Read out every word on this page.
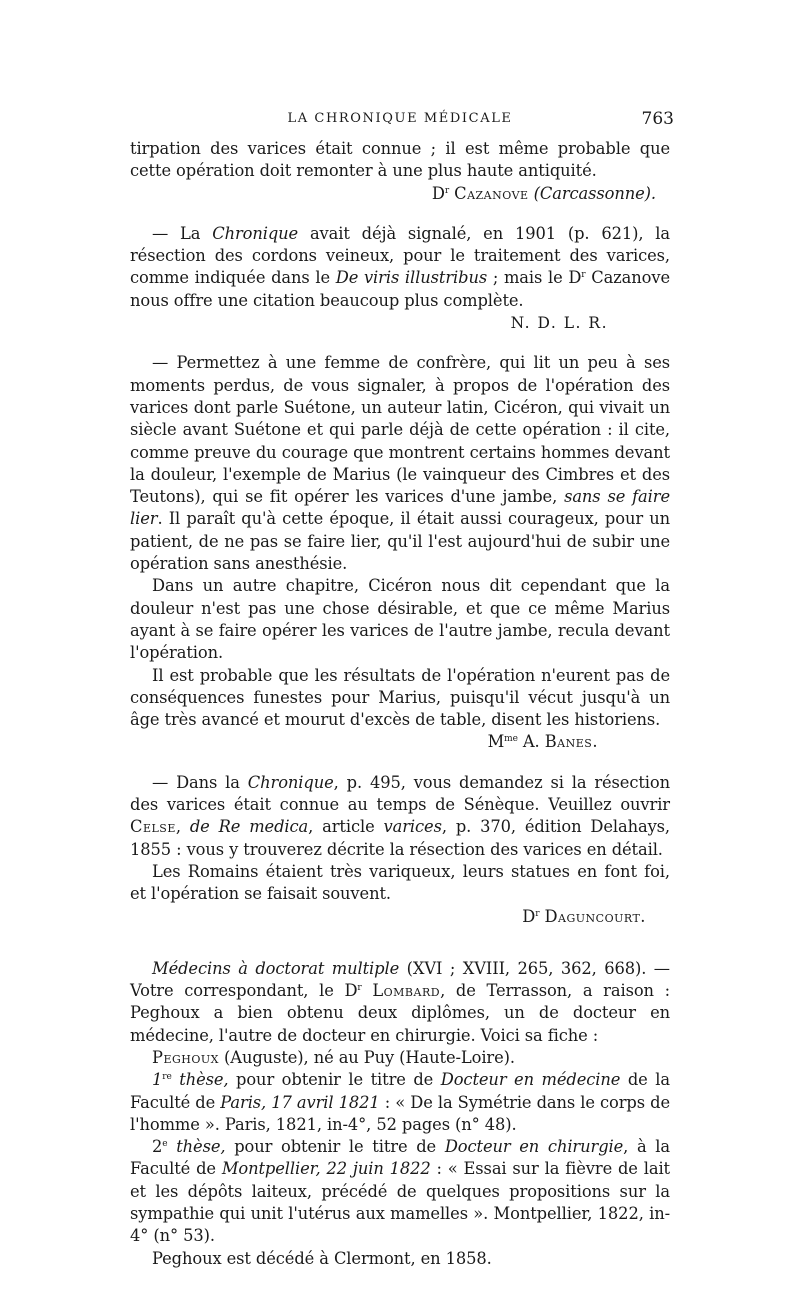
LA CHRONIQUE MÉDICALE	763

tirpation des varices était connue ; il est même probable que cette opération doit remonter à une plus haute antiquité.

$D^r$ Cazanove (Carcassonne).

— La Chronique avait déjà signalé, en 1901 (p. 621), la résection des cordons veineux, pour le traitement des varices, comme indiquée dans le De viris illustribus ; mais le $D^r$ Cazanove nous offre une citation beaucoup plus complète.

N. D. L. R.

— Permettez à une femme de confrère, qui lit un peu à ses moments perdus, de vous signaler, à propos de l'opération des varices dont parle Suétone, un auteur latin, Cicéron, qui vivait un siècle avant Suétone et qui parle déjà de cette opération : il cite, comme preuve du courage que montrent certains hommes devant la douleur, l'exemple de Marius (le vainqueur des Cimbres et des Teutons), qui se fit opérer les varices d'une jambe, sans se faire lier. Il paraît qu'à cette époque, il était aussi courageux, pour un patient, de ne pas se faire lier, qu'il l'est aujourd'hui de subir une opération sans anesthésie.

Dans un autre chapitre, Cicéron nous dit cependant que la douleur n'est pas une chose désirable, et que ce même Marius ayant à se faire opérer les varices de l'autre jambe, recula devant l'opération.

Il est probable que les résultats de l'opération n'eurent pas de conséquences funestes pour Marius, puisqu'il vécut jusqu'à un âge très avancé et mourut d'excès de table, disent les historiens.

$M^{me}$ A. Banes.

— Dans la Chronique, p. 495, vous demandez si la résection des varices était connue au temps de Sénèque. Veuillez ouvrir Celse, de Re medica, article varices, p. 370, édition Delahays, 1855 : vous y trouverez décrite la résection des varices en détail.

Les Romains étaient très variqueux, leurs statues en font foi, et l'opération se faisait souvent.

$D^r$ Daguncourt.

Médecins à doctorat multiple (XVI ; XVIII, 265, 362, 668). — Votre correspondant, le $D^r$ Lombard, de Terrasson, a raison : Peghoux a bien obtenu deux diplômes, un de docteur en médecine, l'autre de docteur en chirurgie. Voici sa fiche :

Peghoux (Auguste), né au Puy (Haute-Loire).

1re thèse, pour obtenir le titre de Docteur en médecine de la Faculté de Paris, 17 avril 1821 : « De la Symétrie dans le corps de l'homme ». Paris, 1821, in-4°, 52 pages (n° 48).

2e thèse, pour obtenir le titre de Docteur en chirurgie, à la Faculté de Montpellier, 22 juin 1822 : « Essai sur la fièvre de lait et les dépôts laiteux, précédé de quelques propositions sur la sympathie qui unit l'utérus aux mamelles ». Montpellier, 1822, in-4° (n° 53).

Peghoux est décédé à Clermont, en 1858.
